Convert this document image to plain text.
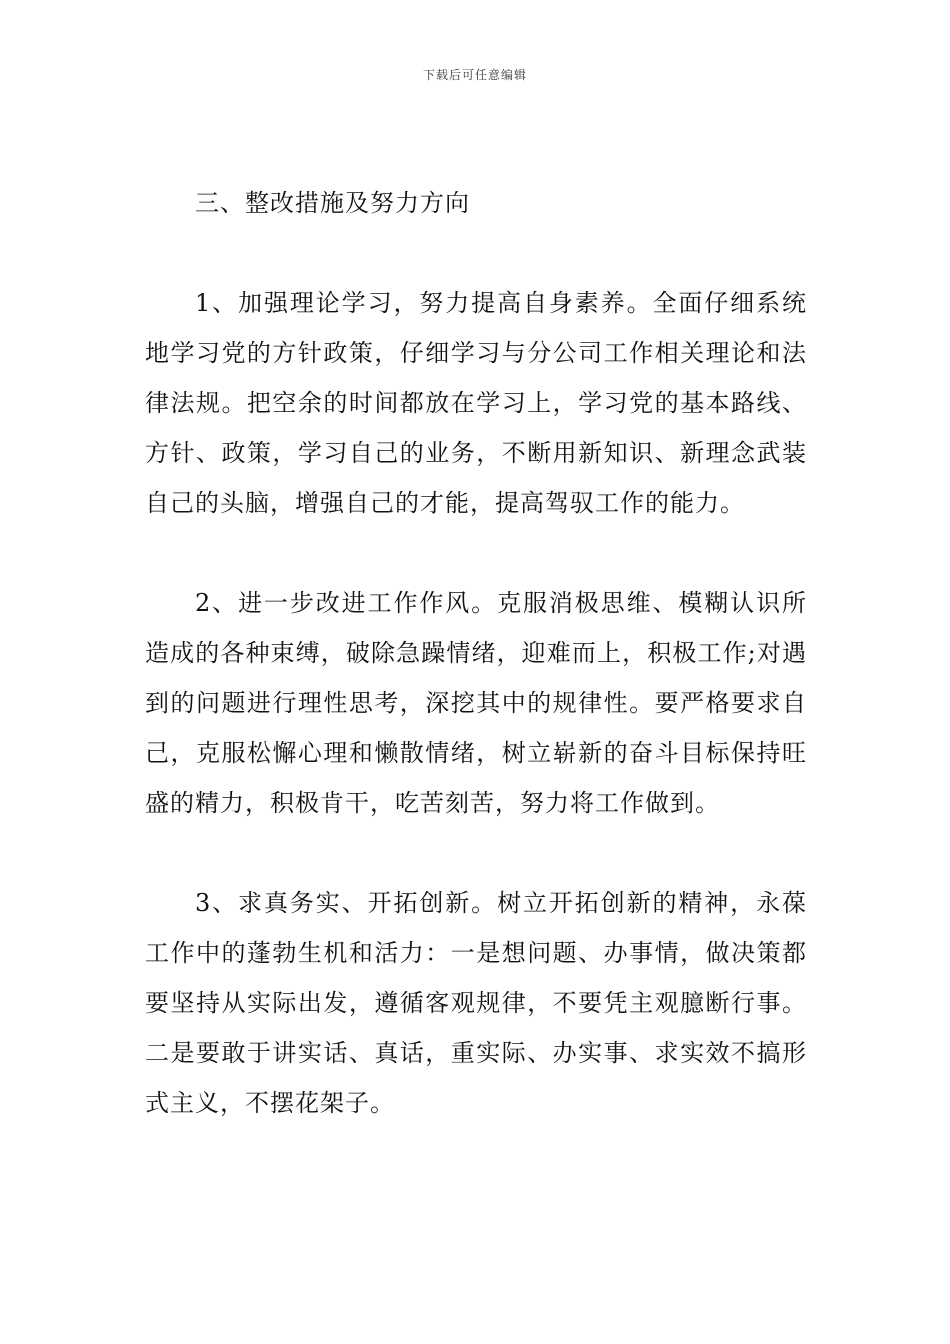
下载后可任意编辑
三、整改措施及努力方向

1、加强理论学习，努力提高自身素养。全面仔细系统地学习党的方针政策，仔细学习与分公司工作相关理论和法律法规。把空余的时间都放在学习上，学习党的基本路线、方针、政策，学习自己的业务，不断用新知识、新理念武装自己的头脑，增强自己的才能，提高驾驭工作的能力。

2、进一步改进工作作风。克服消极思维、模糊认识所造成的各种束缚，破除急躁情绪，迎难而上，积极工作;对遇到的问题进行理性思考，深挖其中的规律性。要严格要求自己，克服松懈心理和懒散情绪，树立崭新的奋斗目标保持旺盛的精力，积极肯干，吃苦刻苦，努力将工作做到。

3、求真务实、开拓创新。树立开拓创新的精神，永葆工作中的蓬勃生机和活力：一是想问题、办事情，做决策都要坚持从实际出发，遵循客观规律，不要凭主观臆断行事。二是要敢于讲实话、真话，重实际、办实事、求实效不搞形式主义，不摆花架子。
